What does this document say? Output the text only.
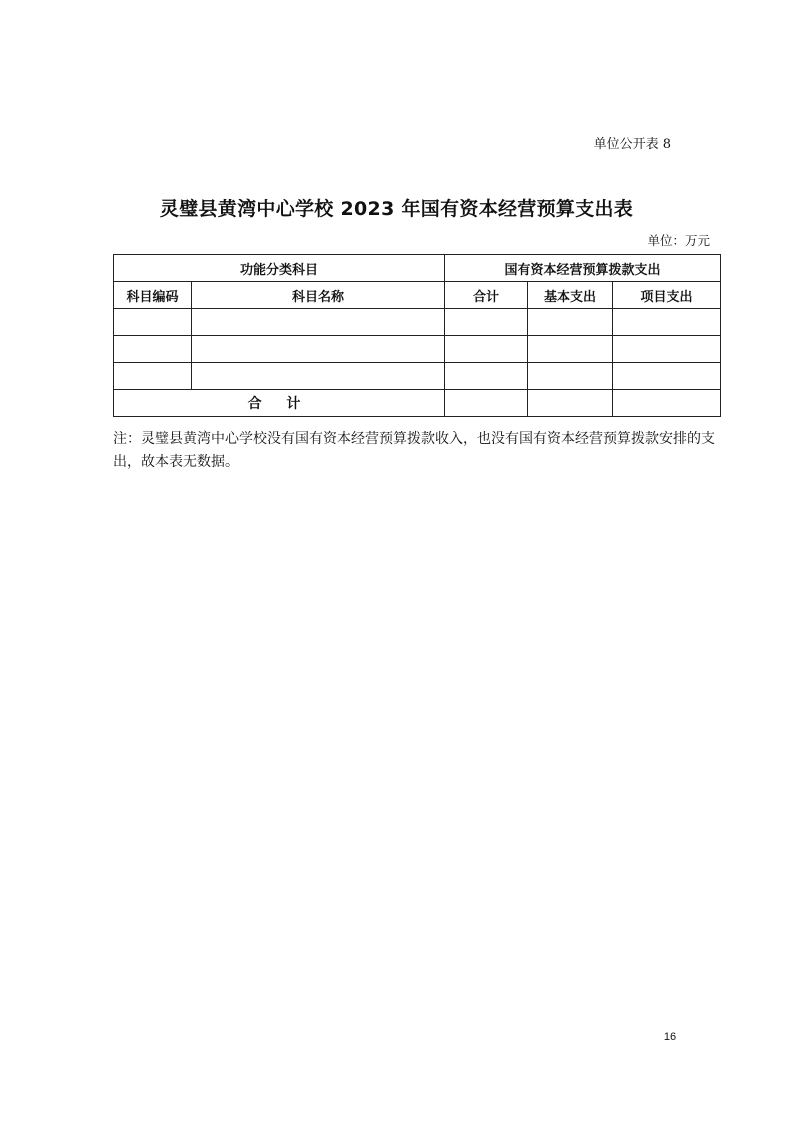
单位公开表 8
灵璧县黄湾中心学校 2023 年国有资本经营预算支出表
单位：万元
功能分类科目		国有资本经营预算拨款支出		
科目编码	科目名称	合计	基本支出	项目支出

合 计				
注：灵璧县黄湾中心学校没有国有资本经营预算拨款收入，也没有国有资本经营预算拨款安排的支出，故本表无数据。
16
